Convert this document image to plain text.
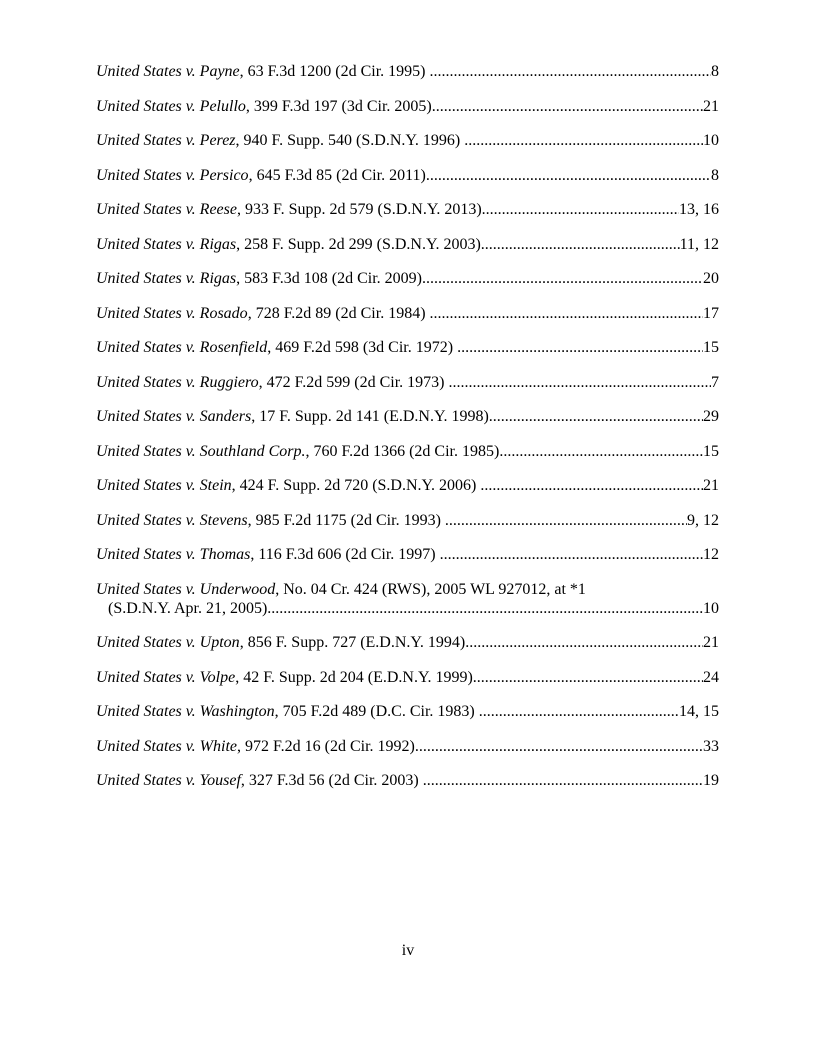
United States v. Payne , 63 F.3d 1200 (2d Cir. 1995) .....	8
United States v. Pelullo , 399 F.3d 197 (3d Cir. 2005) .....	21
United States v. Perez , 940 F. Supp. 540 (S.D.N.Y. 1996) .....	10
United States v. Persico , 645 F.3d 85 (2d Cir. 2011) .....	8
United States v. Reese , 933 F. Supp. 2d 579 (S.D.N.Y. 2013) .....	13, 16
United States v. Rigas , 258 F. Supp. 2d 299 (S.D.N.Y. 2003) .....	11, 12
United States v. Rigas , 583 F.3d 108 (2d Cir. 2009) .....	20
United States v. Rosado , 728 F.2d 89 (2d Cir. 1984) .....	17
United States v. Rosenfield , 469 F.2d 598 (3d Cir. 1972) .....	15
United States v. Ruggiero , 472 F.2d 599 (2d Cir. 1973) .....	7
United States v. Sanders , 17 F. Supp. 2d 141 (E.D.N.Y. 1998) .....	29
United States v. Southland Corp. , 760 F.2d 1366 (2d Cir. 1985) .....	15
United States v. Stein , 424 F. Supp. 2d 720 (S.D.N.Y. 2006) .....	21
United States v. Stevens , 985 F.2d 1175 (2d Cir. 1993) .....	9, 12
United States v. Thomas , 116 F.3d 606 (2d Cir. 1997) .....	12
United States v. Underwood, No. 04 Cr. 424 (RWS), 2005 WL 927012, at *1
(S.D.N.Y. Apr. 21, 2005) .....	10
United States v. Upton , 856 F. Supp. 727 (E.D.N.Y. 1994) .....	21
United States v. Volpe , 42 F. Supp. 2d 204 (E.D.N.Y. 1999) .....	24
United States v. Washington , 705 F.2d 489 (D.C. Cir. 1983) .....	14, 15
United States v. White , 972 F.2d 16 (2d Cir. 1992) .....	33
United States v. Yousef , 327 F.3d 56 (2d Cir. 2003) .....	19
iv
